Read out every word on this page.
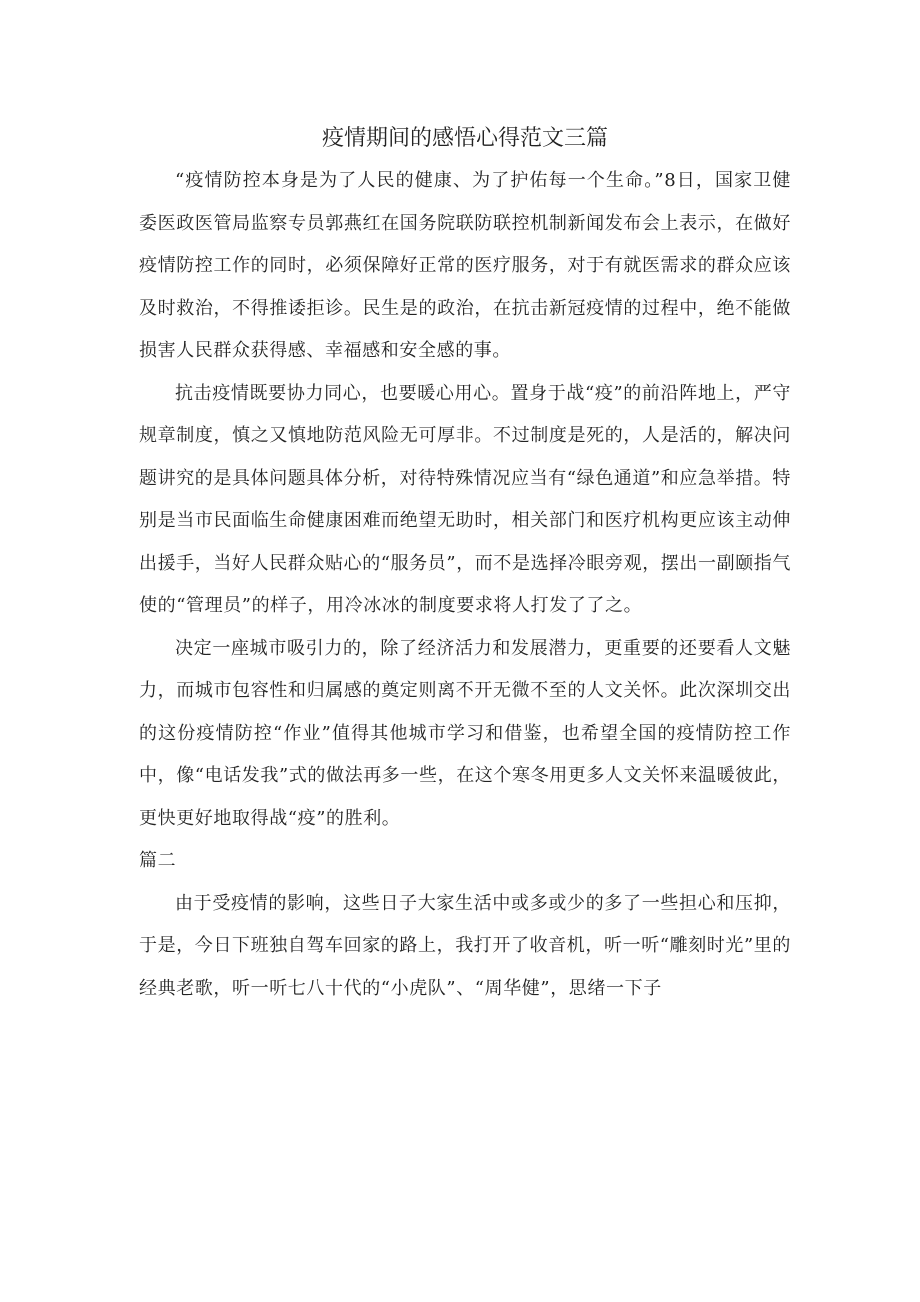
疫情期间的感悟心得范文三篇

“疫情防控本身是为了人民的健康、为了护佑每一个生命。”8日，国家卫健委医政医管局监察专员郭燕红在国务院联防联控机制新闻发布会上表示，在做好疫情防控工作的同时，必须保障好正常的医疗服务，对于有就医需求的群众应该及时救治，不得推诿拒诊。民生是的政治，在抗击新冠疫情的过程中，绝不能做损害人民群众获得感、幸福感和安全感的事。

抗击疫情既要协力同心，也要暖心用心。置身于战“疫”的前沿阵地上，严守规章制度，慎之又慎地防范风险无可厚非。不过制度是死的，人是活的，解决问题讲究的是具体问题具体分析，对待特殊情况应当有“绿色通道”和应急举措。特别是当市民面临生命健康困难而绝望无助时，相关部门和医疗机构更应该主动伸出援手，当好人民群众贴心的“服务员”，而不是选择冷眼旁观，摆出一副颐指气使的“管理员”的样子，用冷冰冰的制度要求将人打发了了之。

决定一座城市吸引力的，除了经济活力和发展潜力，更重要的还要看人文魅力，而城市包容性和归属感的奠定则离不开无微不至的人文关怀。此次深圳交出的这份疫情防控“作业”值得其他城市学习和借鉴，也希望全国的疫情防控工作中，像“电话发我”式的做法再多一些，在这个寒冬用更多人文关怀来温暖彼此，更快更好地取得战“疫”的胜利。

篇二

由于受疫情的影响，这些日子大家生活中或多或少的多了一些担心和压抑，于是，今日下班独自驾车回家的路上，我打开了收音机，听一听“雕刻时光”里的经典老歌，听一听七八十代的“小虎队”、“周华健”，思绪一下子
